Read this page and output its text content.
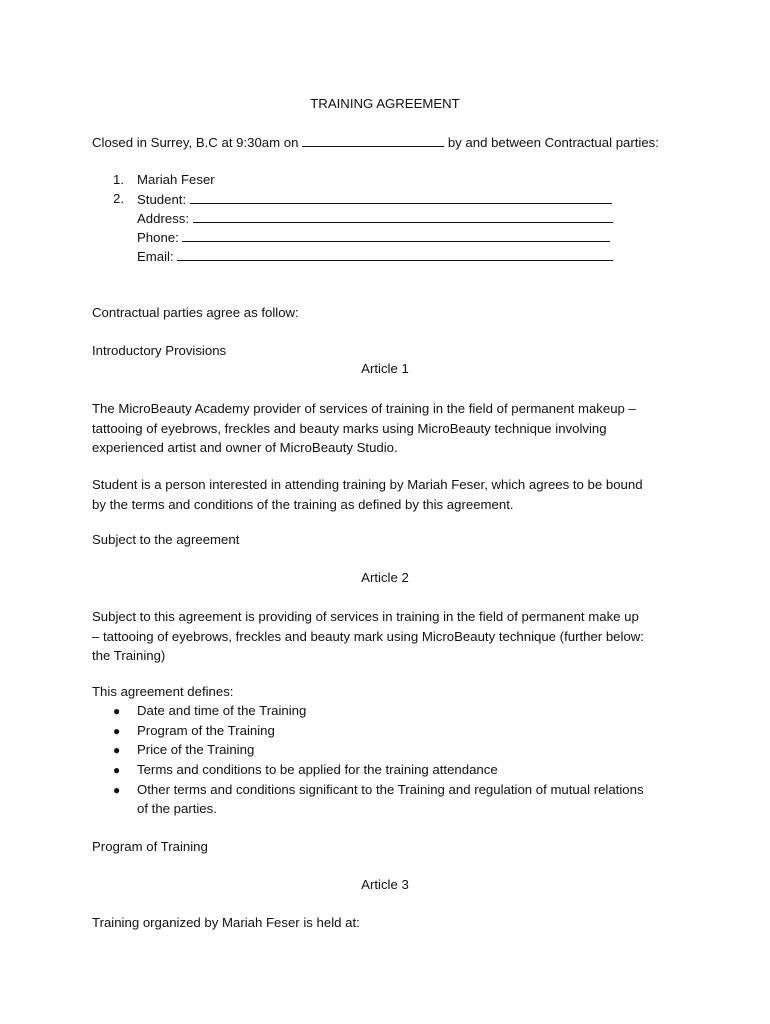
TRAINING AGREEMENT
Closed in Surrey, B.C at 9:30am on	by and between Contractual parties:
1. Mariah Feser
2. Student:
Address:
Phone:
Email:
Contractual parties agree as follow:
Introductory Provisions
Article 1
The MicroBeauty Academy provider of services of training in the field of permanent makeup –
tattooing of eyebrows, freckles and beauty marks using MicroBeauty technique involving
experienced artist and owner of MicroBeauty Studio.
Student is a person interested in attending training by Mariah Feser, which agrees to be bound
by the terms and conditions of the training as defined by this agreement.
Subject to the agreement
Article 2
Subject to this agreement is providing of services in training in the field of permanent make up
– tattooing of eyebrows, freckles and beauty mark using MicroBeauty technique (further below:
the Training)
This agreement defines:
● Date and time of the Training
● Program of the Training
● Price of the Training
● Terms and conditions to be applied for the training attendance
● Other terms and conditions significant to the Training and regulation of mutual relations
of the parties.
Program of Training
Article 3
Training organized by Mariah Feser is held at:
